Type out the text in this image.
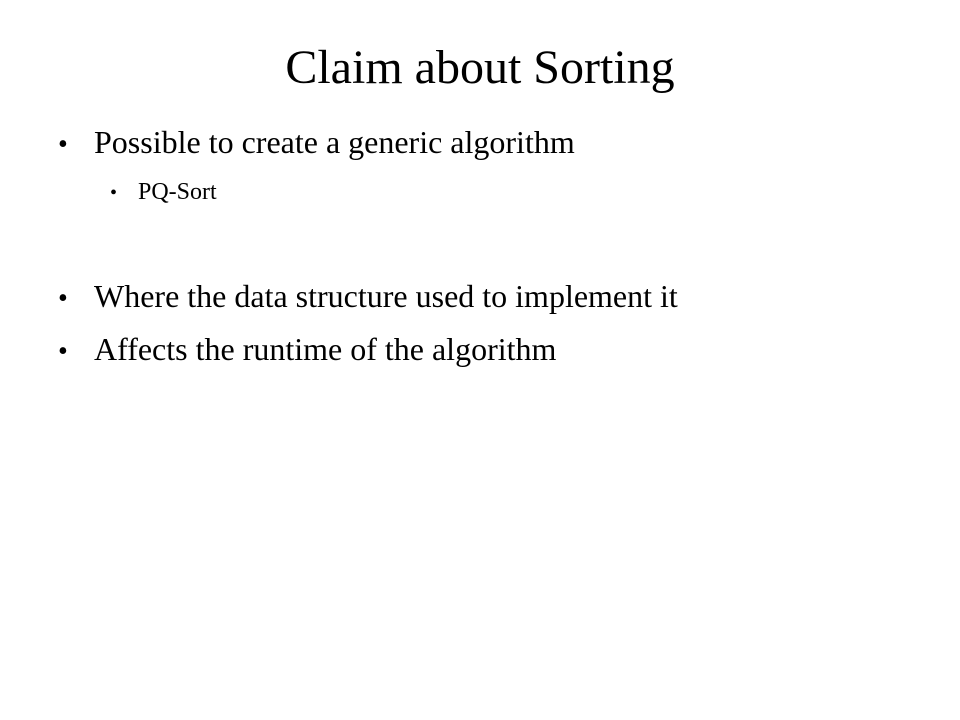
Claim about Sorting
• Possible to create a generic algorithm
• PQ-Sort
• Where the data structure used to implement it
• Affects the runtime of the algorithm
